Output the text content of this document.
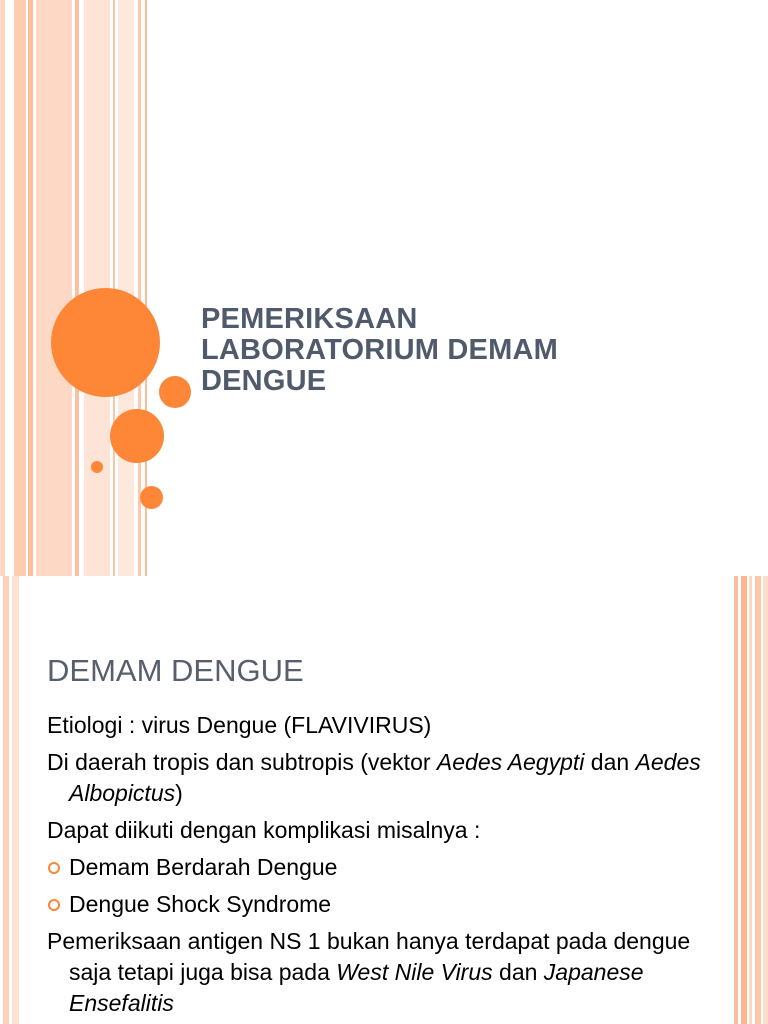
PEMERIKSAAN
LABORATORIUM DEMAM
DENGUE
DEMAM DENGUE
Etiologi : virus Dengue (FLAVIVIRUS)
Di daerah tropis dan subtropis (vektor Aedes Aegypti dan Aedes Albopictus)
Dapat diikuti dengan komplikasi misalnya :
Demam Berdarah Dengue
Dengue Shock Syndrome
Pemeriksaan antigen NS 1 bukan hanya terdapat pada dengue saja tetapi juga bisa pada West Nile Virus dan Japanese Ensefalitis
